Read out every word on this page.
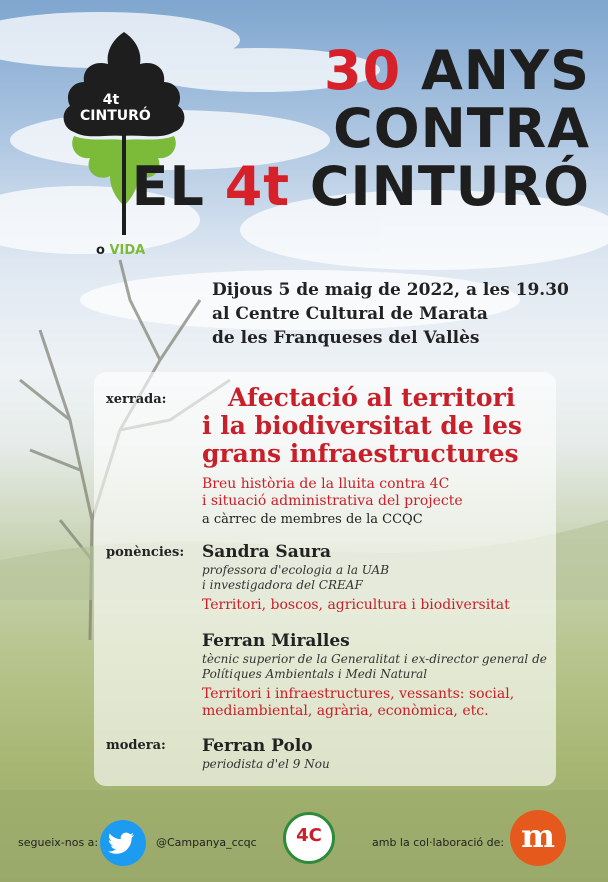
4t CINTURÓ
o VIDA
30 ANYS
CONTRA
EL 4t CINTURÓ
Dijous 5 de maig de 2022, a les 19.30
al Centre Cultural de Marata
de les Franqueses del Vallès
xerrada:	Afectació al territori
i la biodiversitat de les
grans infraestructures
Breu història de la lluita contra 4C
i situació administrativa del projecte
a càrrec de membres de la CCQC
ponències: Sandra Saura
professora d'ecologia a la UAB
i investigadora del CREAF
Territori, boscos, agricultura i biodiversitat
Ferran Miralles
tècnic superior de la Generalitat i ex-director general de
Polítiques Ambientals i Medi Natural
Territori i infraestructures, vessants: social,
mediambiental, agrària, econòmica, etc.
modera: Ferran Polo
periodista d'el 9 Nou
segueix-nos a:	@Campanya_ccqc	4C	amb la col·laboració de: m
